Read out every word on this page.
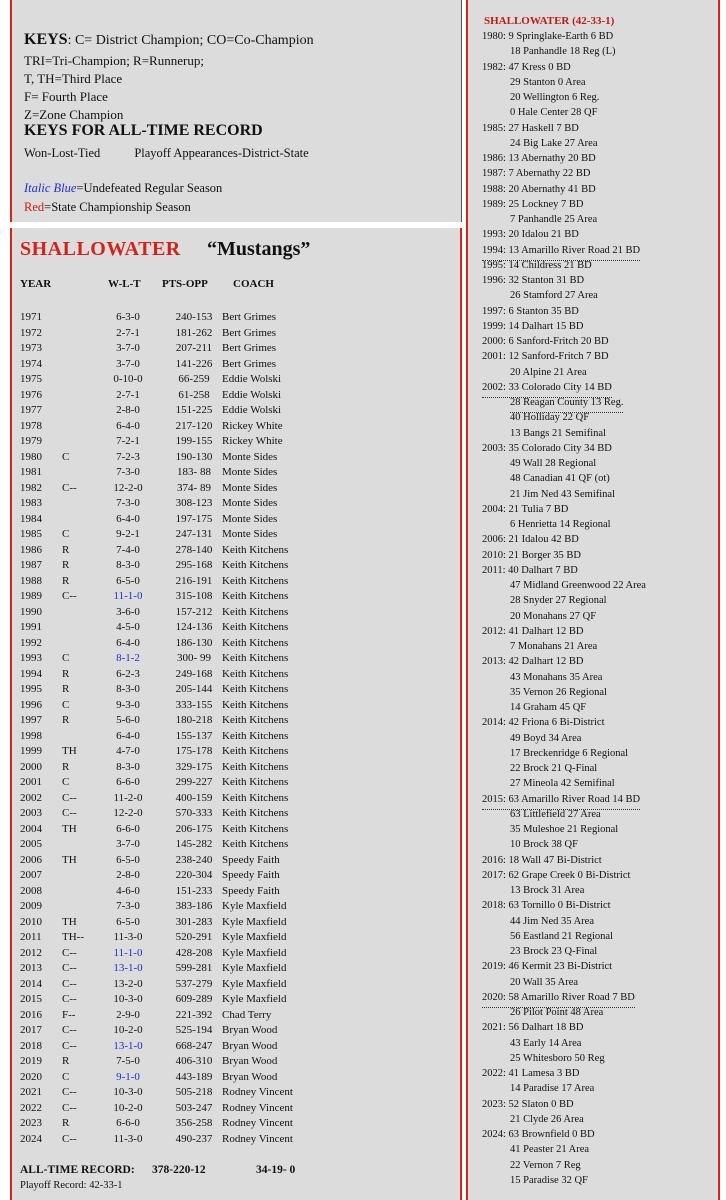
KEYS: C= District Champion; CO=Co-Champion
TRI=Tri-Champion; R=Runnerup;
T, TH=Third Place
F= Fourth Place
Z=Zone Champion
KEYS FOR ALL-TIME RECORD
Won-Lost-Tied	Playoff Appearances-District-State
Italic Blue=Undefeated Regular Season
Red=State Championship Season
SHALLOWATER “Mustangs”
YEAR	W-L-T PTS-OPP COACH
1971	6-3-0	240-153 Bert Grimes
1972	2-7-1	181-262 Bert Grimes
1973	3-7-0	207-211 Bert Grimes
1974	3-7-0	141-226 Bert Grimes
1975	0-10-0	66-259	Eddie Wolski
1976	2-7-1	61-258	Eddie Wolski
1977	2-8-0	151-225 Eddie Wolski
1978	6-4-0	217-120 Rickey White
1979	7-2-1	199-155 Rickey White
1980 C	7-2-3	190-130 Monte Sides
1981	7-3-0	183- 88	Monte Sides
1982 C--	12-2-0	374- 89	Monte Sides
1983	7-3-0	308-123 Monte Sides
1984	6-4-0	197-175 Monte Sides
1985 C	9-2-1	247-131 Monte Sides
1986 R	7-4-0	278-140 Keith Kitchens
1987 R	8-3-0	295-168 Keith Kitchens
1988 R	6-5-0	216-191 Keith Kitchens
1989 C--	11-1-0	315-108 Keith Kitchens
1990	3-6-0	157-212 Keith Kitchens
1991	4-5-0	124-136 Keith Kitchens
1992	6-4-0	186-130 Keith Kitchens
1993 C	8-1-2	300- 99	Keith Kitchens
1994 R	6-2-3	249-168 Keith Kitchens
1995 R	8-3-0	205-144 Keith Kitchens
1996 C	9-3-0	333-155 Keith Kitchens
1997 R	5-6-0	180-218 Keith Kitchens
1998	6-4-0	155-137 Keith Kitchens
1999 TH	4-7-0	175-178 Keith Kitchens
2000 R	8-3-0	329-175 Keith Kitchens
2001 C	6-6-0	299-227 Keith Kitchens
2002 C--	11-2-0	400-159 Keith Kitchens
2003 C--	12-2-0	570-333 Keith Kitchens
2004 TH	6-6-0	206-175 Keith Kitchens
2005	3-7-0	145-282 Keith Kitchens
2006 TH	6-5-0	238-240 Speedy Faith
2007	2-8-0	220-304 Speedy Faith
2008	4-6-0	151-233 Speedy Faith
2009	7-3-0	383-186 Kyle Maxfield
2010 TH	6-5-0	301-283 Kyle Maxfield
2011 TH--	11-3-0	520-291 Kyle Maxfield
2012 C--	11-1-0	428-208 Kyle Maxfield
2013 C--	13-1-0	599-281 Kyle Maxfield
2014 C--	13-2-0	537-279 Kyle Maxfield
2015 C--	10-3-0	609-289 Kyle Maxfield
2016 F--	2-9-0	221-392 Chad Terry
2017 C--	10-2-0	525-194 Bryan Wood
2018 C--	13-1-0	668-247 Bryan Wood
2019 R	7-5-0	406-310 Bryan Wood
2020 C	9-1-0	443-189 Bryan Wood
2021 C--	10-3-0	505-218 Rodney Vincent
2022 C--	10-2-0	503-247 Rodney Vincent
2023 R	6-6-0	356-258 Rodney Vincent
2024 C--	11-3-0	490-237 Rodney Vincent
ALL-TIME RECORD: 378-220-12	34-19- 0
Playoff Record: 42-33-1
SHALLOWATER (42-33-1)
1980: 9 Springlake-Earth 6 BD
18 Panhandle 18 Reg (L)
1982: 47 Kress 0 BD
29 Stanton 0 Area
20 Wellington 6 Reg.
0 Hale Center 28 QF
1985: 27 Haskell 7 BD
24 Big Lake 27 Area
1986: 13 Abernathy 20 BD
1987: 7 Abernathy 22 BD
1988: 20 Abernathy 41 BD
1989: 25 Lockney 7 BD
7 Panhandle 25 Area
1993: 20 Idalou 21 BD
1994: 13 Amarillo River Road 21 BD
1995: 14 Childress 21 BD
1996: 32 Stanton 31 BD
26 Stamford 27 Area
1997: 6 Stanton 35 BD
1999: 14 Dalhart 15 BD
2000: 6 Sanford-Fritch 20 BD
2001: 12 Sanford-Fritch 7 BD
20 Alpine 21 Area
2002: 33 Colorado City 14 BD
28 Reagan County 13 Reg.
40 Holliday 22 QF
13 Bangs 21 Semifinal
2003: 35 Colorado City 34 BD
49 Wall 28 Regional
48 Canadian 41 QF (ot)
21 Jim Ned 43 Semifinal
2004: 21 Tulia 7 BD
6 Henrietta 14 Regional
2006: 21 Idalou 42 BD
2010: 21 Borger 35 BD
2011: 40 Dalhart 7 BD
47 Midland Greenwood 22 Area
28 Snyder 27 Regional
20 Monahans 27 QF
2012: 41 Dalhart 12 BD
7 Monahans 21 Area
2013: 42 Dalhart 12 BD
43 Monahans 35 Area
35 Vernon 26 Regional
14 Graham 45 QF
2014: 42 Friona 6 Bi-District
49 Boyd 34 Area
17 Breckenridge 6 Regional
22 Brock 21 Q-Final
27 Mineola 42 Semifinal
2015: 63 Amarillo River Road 14 BD
63 Littlefield 27 Area
35 Muleshoe 21 Regional
10 Brock 38 QF
2016: 18 Wall 47 Bi-District
2017: 62 Grape Creek 0 Bi-District
13 Brock 31 Area
2018: 63 Tornillo 0 Bi-District
44 Jim Ned 35 Area
56 Eastland 21 Regional
23 Brock 23 Q-Final
2019: 46 Kermit 23 Bi-District
20 Wall 35 Area
2020: 58 Amarillo River Road 7 BD
26 Pilot Point 48 Area
2021: 56 Dalhart 18 BD
43 Early 14 Area
25 Whitesboro 50 Reg
2022: 41 Lamesa 3 BD
14 Paradise 17 Area
2023: 52 Slaton 0 BD
21 Clyde 26 Area
2024: 63 Brownfield 0 BD
41 Peaster 21 Area
22 Vernon 7 Reg
15 Paradise 32 QF
